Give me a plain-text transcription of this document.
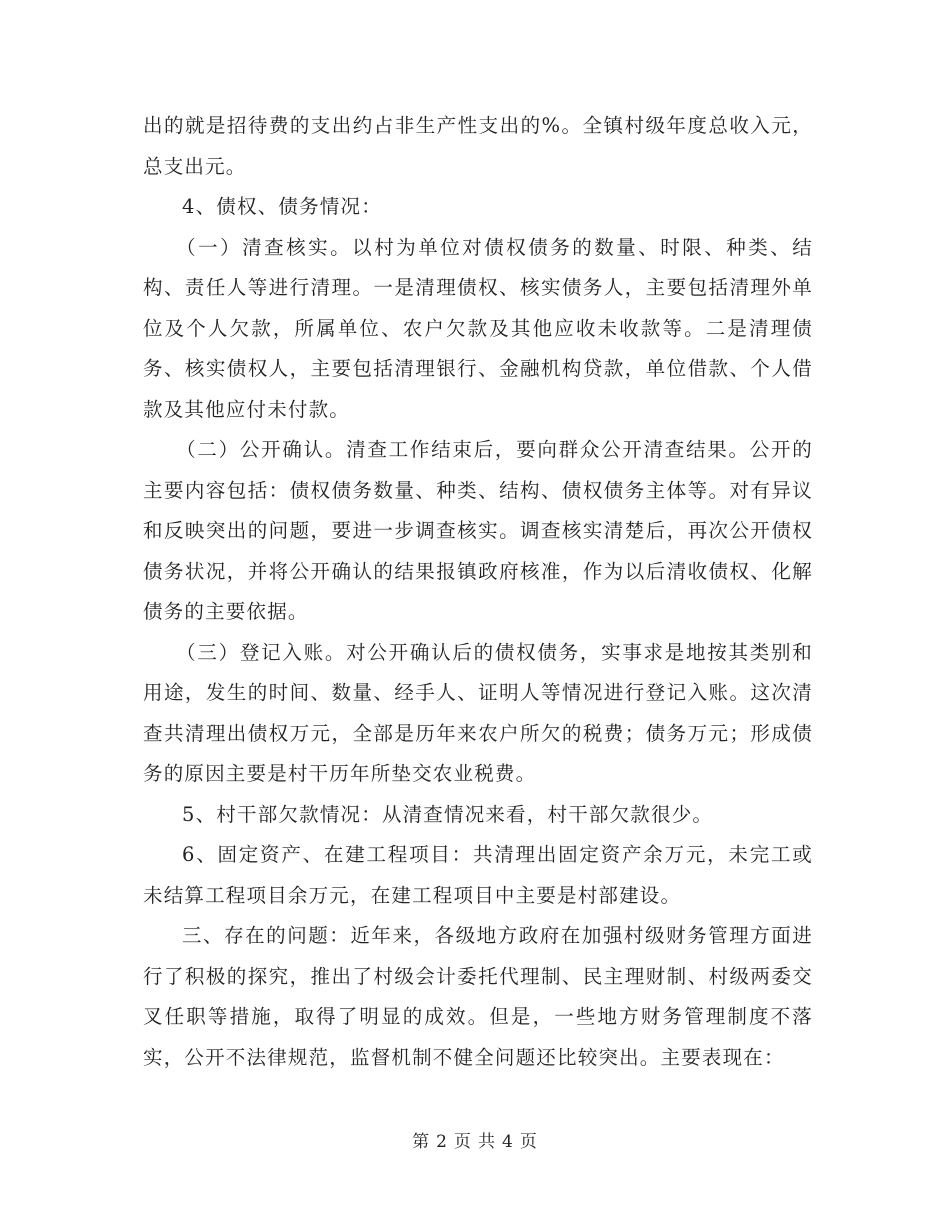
出的就是招待费的支出约占非生产性支出的%。全镇村级年度总收入元，总支出元。

4、债权、债务情况：

（一）清查核实。以村为单位对债权债务的数量、时限、种类、结构、责任人等进行清理。一是清理债权、核实债务人，主要包括清理外单位及个人欠款，所属单位、农户欠款及其他应收未收款等。二是清理债务、核实债权人，主要包括清理银行、金融机构贷款，单位借款、个人借款及其他应付未付款。

（二）公开确认。清查工作结束后，要向群众公开清查结果。公开的主要内容包括：债权债务数量、种类、结构、债权债务主体等。对有异议和反映突出的问题，要进一步调查核实。调查核实清楚后，再次公开债权债务状况，并将公开确认的结果报镇政府核准，作为以后清收债权、化解债务的主要依据。

（三）登记入账。对公开确认后的债权债务，实事求是地按其类别和用途，发生的时间、数量、经手人、证明人等情况进行登记入账。这次清查共清理出债权万元，全部是历年来农户所欠的税费；债务万元；形成债务的原因主要是村干历年所垫交农业税费。

5、村干部欠款情况：从清查情况来看，村干部欠款很少。

6、固定资产、在建工程项目：共清理出固定资产余万元，未完工或未结算工程项目余万元，在建工程项目中主要是村部建设。

三、存在的问题：近年来，各级地方政府在加强村级财务管理方面进行了积极的探究，推出了村级会计委托代理制、民主理财制、村级两委交叉任职等措施，取得了明显的成效。但是，一些地方财务管理制度不落实，公开不法律规范，监督机制不健全问题还比较突出。主要表现在：

第 2 页 共 4 页
